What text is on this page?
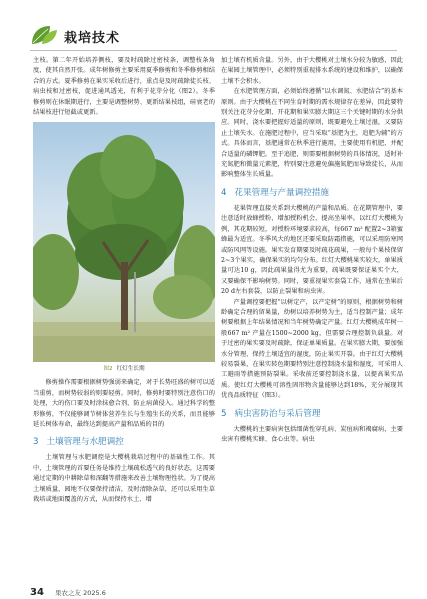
栽培技术

主枝。第二年开始培养侧枝，要及时疏除过密枝条，调整枝条角度，使其自然开张。成年树修剪主要采用夏季修剪和冬季修剪相结合的方式。夏季修剪在果实采收后进行，重点是及时疏除徒长枝、病虫枝和过密枝，促进通风透光，有利于花芽分化（图2）。冬季修剪则在休眠期进行，主要是调整树势、更新结果枝组，硅衰老的结果枝进行短截或更新。

图2 红灯生长期

修剪操作需要根据树势强弱来确定，对于长势旺盛的树可以适当重剪，而树势较弱的则要轻剪。同时，修剪时要特别注意伤口的处理，大的伤口要及时涂抹愈合剂，防止病菌侵入。通过科学的整形修剪，不仅能够调节树体营养生长与生殖生长的关系，而且能够延长树体寿命，最终达到提高产量和品质的目的

3 土壤管理与水肥调控

土壤管理与水肥调控是大樱桃栽培过程中的基础性工作。其中，土壤管理的首要任务是维持土壤疏松透气的良好状态，这需要通过定期的中耕除草和深翻等措施来改善土壤物理性状。为了提高土壤质量，园地不仅要保持清洁，及时清除杂草，还可以采用生草栽培或地面覆盖的方式，从而保持水土、增

加土壤有机质含量。另外，由于大樱桃对土壤水分较为敏感，因此在果园土壤管理中，必须特别重视排水系统的建设和维护，以确保土壤不会积水。

在水肥管理方面，必须始终遵循“以水调氮、水肥结合”的基本原则。由于大樱桃在不同生育时期的需水规律存在差异，因此要特别关注花芽分化期、开花期和果实膨大期这三个关键时期的水分供应。同时，浇水要把握好适量的原则，既要避免土壤过湿，又要防止土壤失水。在施肥过程中，应当采取“基肥为主，追肥为辅”的方式。具体而言，基肥通常在秋季进行施用，主要使用有机肥，并配合适量的磷钾肥。至于追肥，则需要根据树势的具体情况，适时补充氮肥和微量元素肥，特别要注意避免偏施氮肥而导致徒长，从而影响整体生长质量。

4 花果管理与产量调控措施

花果管理直接关系到大樱桃的产量和品质。在花期管理中，要注意适时放蜂授粉，增加授粉机会，提高坐果率。以红灯大樱桃为例，其花期较短，对授粉环境要求较高，每667 m² 配置2~3箱蜜蜂最为适宜。冬季风大的地区还要采取防霜措施，可以采用防寒网或防风网等设施。果实发育期要及时疏花疏果，一般每个果枝保留2~3个果实，确保果实的均匀分布。红灯大樱桃果实较大，单果质量可达10 g，因此疏果量得尤为重要，疏果既要保证果实个大，又要确保不影响树势。同时，要重视果实套袋工作，通常在坐果后20 d左右套袋，以防止裂果和病虫害。

产量调控要把握“以树定产，以产定树”的原则，根据树势和树龄确定合理的留果量，幼树以培养树势为主，适当控制产量；成年树要根据上年结果情况和当年树势确定产量。红灯大樱桃成年树一般667 m² 产量在1500~2000 kg，但需要合理控制负载量。对于过密的果实要及时疏除，保证单果质量。在果实膨大期，要加强水分管理，保持土壤适宜的湿度，防止果实开裂。由于红灯大樱桃较易裂果，在果实转色期要特别注意控制浇水量和湿度，可采用人工避雨等措施预防裂果。采收前还要控制浇水量，以提高果实品质。使红灯大樱桃可溶性固形物含量能够达到18%，充分展现其优良品质特征（图3）。

5 病虫害防治与采后管理

大樱桃的主要病害包括细菌性穿孔病、炭疽病和褐腐病，主要虫害有樱桃实蜂、食心虫等。病虫

34 果农之友 2025.6
